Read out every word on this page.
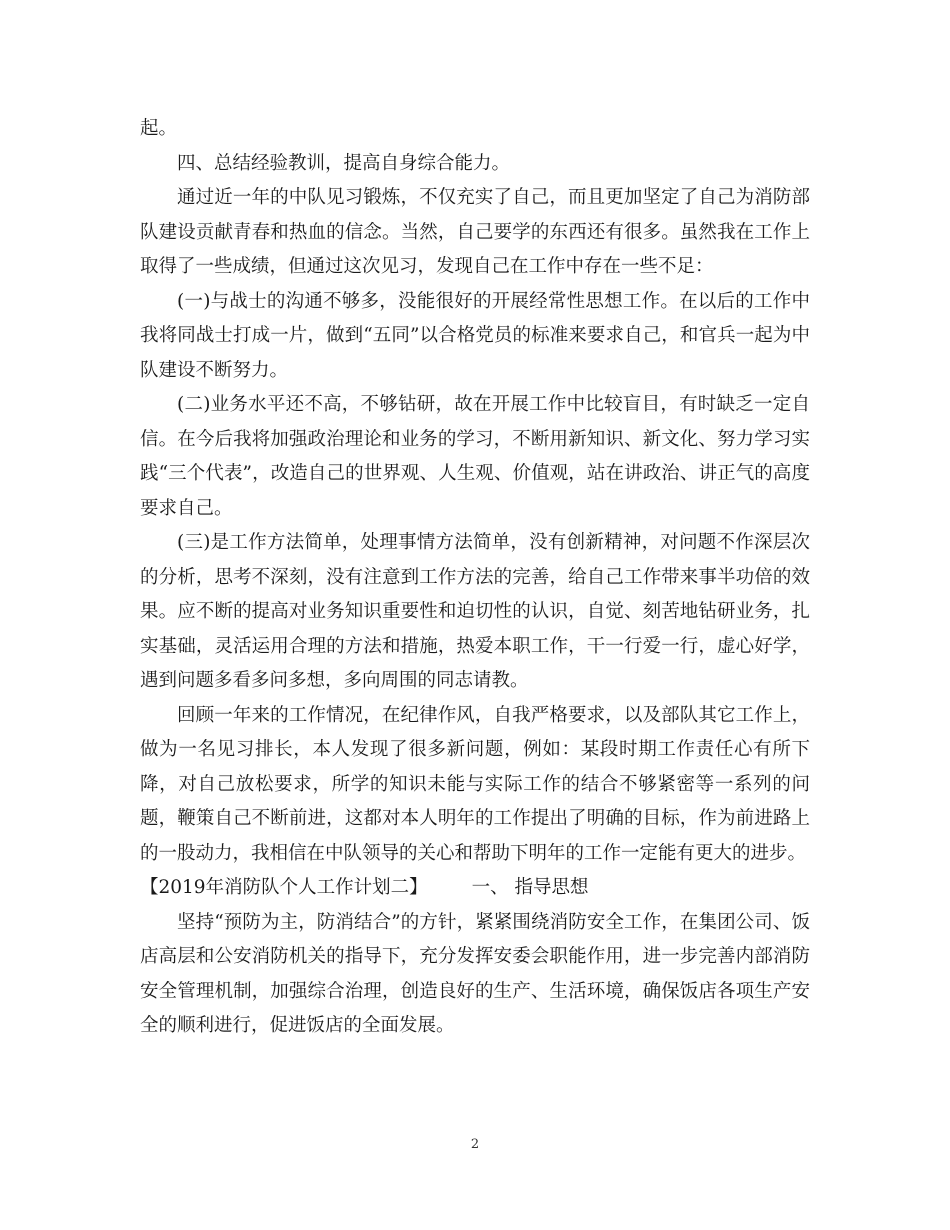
起。

四、总结经验教训，提高自身综合能力。

通过近一年的中队见习锻炼，不仅充实了自己，而且更加坚定了自己为消防部队建设贡献青春和热血的信念。当然，自己要学的东西还有很多。虽然我在工作上取得了一些成绩，但通过这次见习，发现自己在工作中存在一些不足：

(一)与战士的沟通不够多，没能很好的开展经常性思想工作。在以后的工作中我将同战士打成一片，做到“五同”以合格党员的标准来要求自己，和官兵一起为中队建设不断努力。

(二)业务水平还不高，不够钻研，故在开展工作中比较盲目，有时缺乏一定自信。在今后我将加强政治理论和业务的学习，不断用新知识、新文化、努力学习实践“三个代表”，改造自己的世界观、人生观、价值观，站在讲政治、讲正气的高度要求自己。

(三)是工作方法简单，处理事情方法简单，没有创新精神，对问题不作深层次的分析，思考不深刻，没有注意到工作方法的完善，给自己工作带来事半功倍的效果。应不断的提高对业务知识重要性和迫切性的认识，自觉、刻苦地钻研业务，扎实基础，灵活运用合理的方法和措施，热爱本职工作，干一行爱一行，虚心好学，遇到问题多看多问多想，多向周围的同志请教。

回顾一年来的工作情况，在纪律作风，自我严格要求，以及部队其它工作上，做为一名见习排长，本人发现了很多新问题，例如：某段时期工作责任心有所下降，对自己放松要求，所学的知识未能与实际工作的结合不够紧密等一系列的问题，鞭策自己不断前进，这都对本人明年的工作提出了明确的目标，作为前进路上的一股动力，我相信在中队领导的关心和帮助下明年的工作一定能有更大的进步。

【2019年消防队个人工作计划二】 一、 指导思想

坚持“预防为主，防消结合”的方针，紧紧围绕消防安全工作，在集团公司、饭店高层和公安消防机关的指导下，充分发挥安委会职能作用，进一步完善内部消防安全管理机制，加强综合治理，创造良好的生产、生活环境，确保饭店各项生产安全的顺利进行，促进饭店的全面发展。

2
